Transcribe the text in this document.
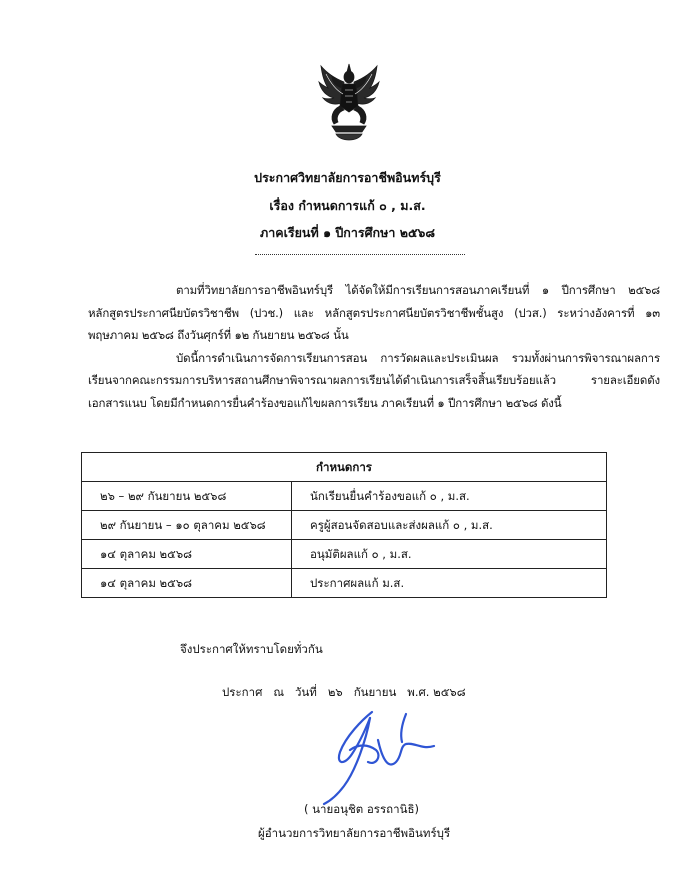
ประกาศวิทยาลัยการอาชีพอินทร์บุรี
เรื่อง กำหนดการแก้ ๐ , ม.ส.
ภาคเรียนที่ ๑ ปีการศึกษา ๒๕๖๘

ตามที่วิทยาลัยการอาชีพอินทร์บุรี ได้จัดให้มีการเรียนการสอนภาคเรียนที่ ๑ ปีการศึกษา ๒๕๖๘ หลักสูตรประกาศนียบัตรวิชาชีพ (ปวช.) และ หลักสูตรประกาศนียบัตรวิชาชีพชั้นสูง (ปวส.) ระหว่างอังคารที่ ๑๓ พฤษภาคม ๒๕๖๘ ถึงวันศุกร์ที่ ๑๒ กันยายน ๒๕๖๘ นั้น

บัดนี้การดำเนินการจัดการเรียนการสอน การวัดผลและประเมินผล รวมทั้งผ่านการพิจารณาผลการเรียนจากคณะกรรมการบริหารสถานศึกษาพิจารณาผลการเรียนได้ดำเนินการเสร็จสิ้นเรียบร้อยแล้ว รายละเอียดดังเอกสารแนบ โดยมีกำหนดการยื่นคำร้องขอแก้ไขผลการเรียน ภาคเรียนที่ ๑ ปีการศึกษา ๒๕๖๘ ดังนี้

กำหนดการ	
๒๖ – ๒๙ กันยายน ๒๕๖๘	นักเรียนยื่นคำร้องขอแก้ ๐ , ม.ส.
๒๙ กันยายน – ๑๐ ตุลาคม ๒๕๖๘	ครูผู้สอนจัดสอบและส่งผลแก้ ๐ , ม.ส.
๑๔ ตุลาคม ๒๕๖๘	อนุมัติผลแก้ ๐ , ม.ส.
๑๔ ตุลาคม ๒๕๖๘	ประกาศผลแก้ ม.ส.
จึงประกาศให้ทราบโดยทั่วกัน
ประกาศ   ณ   วันที่   ๒๖   กันยายน   พ.ศ. ๒๕๖๘
( นายอนุชิต อรรถานิธิ)
ผู้อำนวยการวิทยาลัยการอาชีพอินทร์บุรี
